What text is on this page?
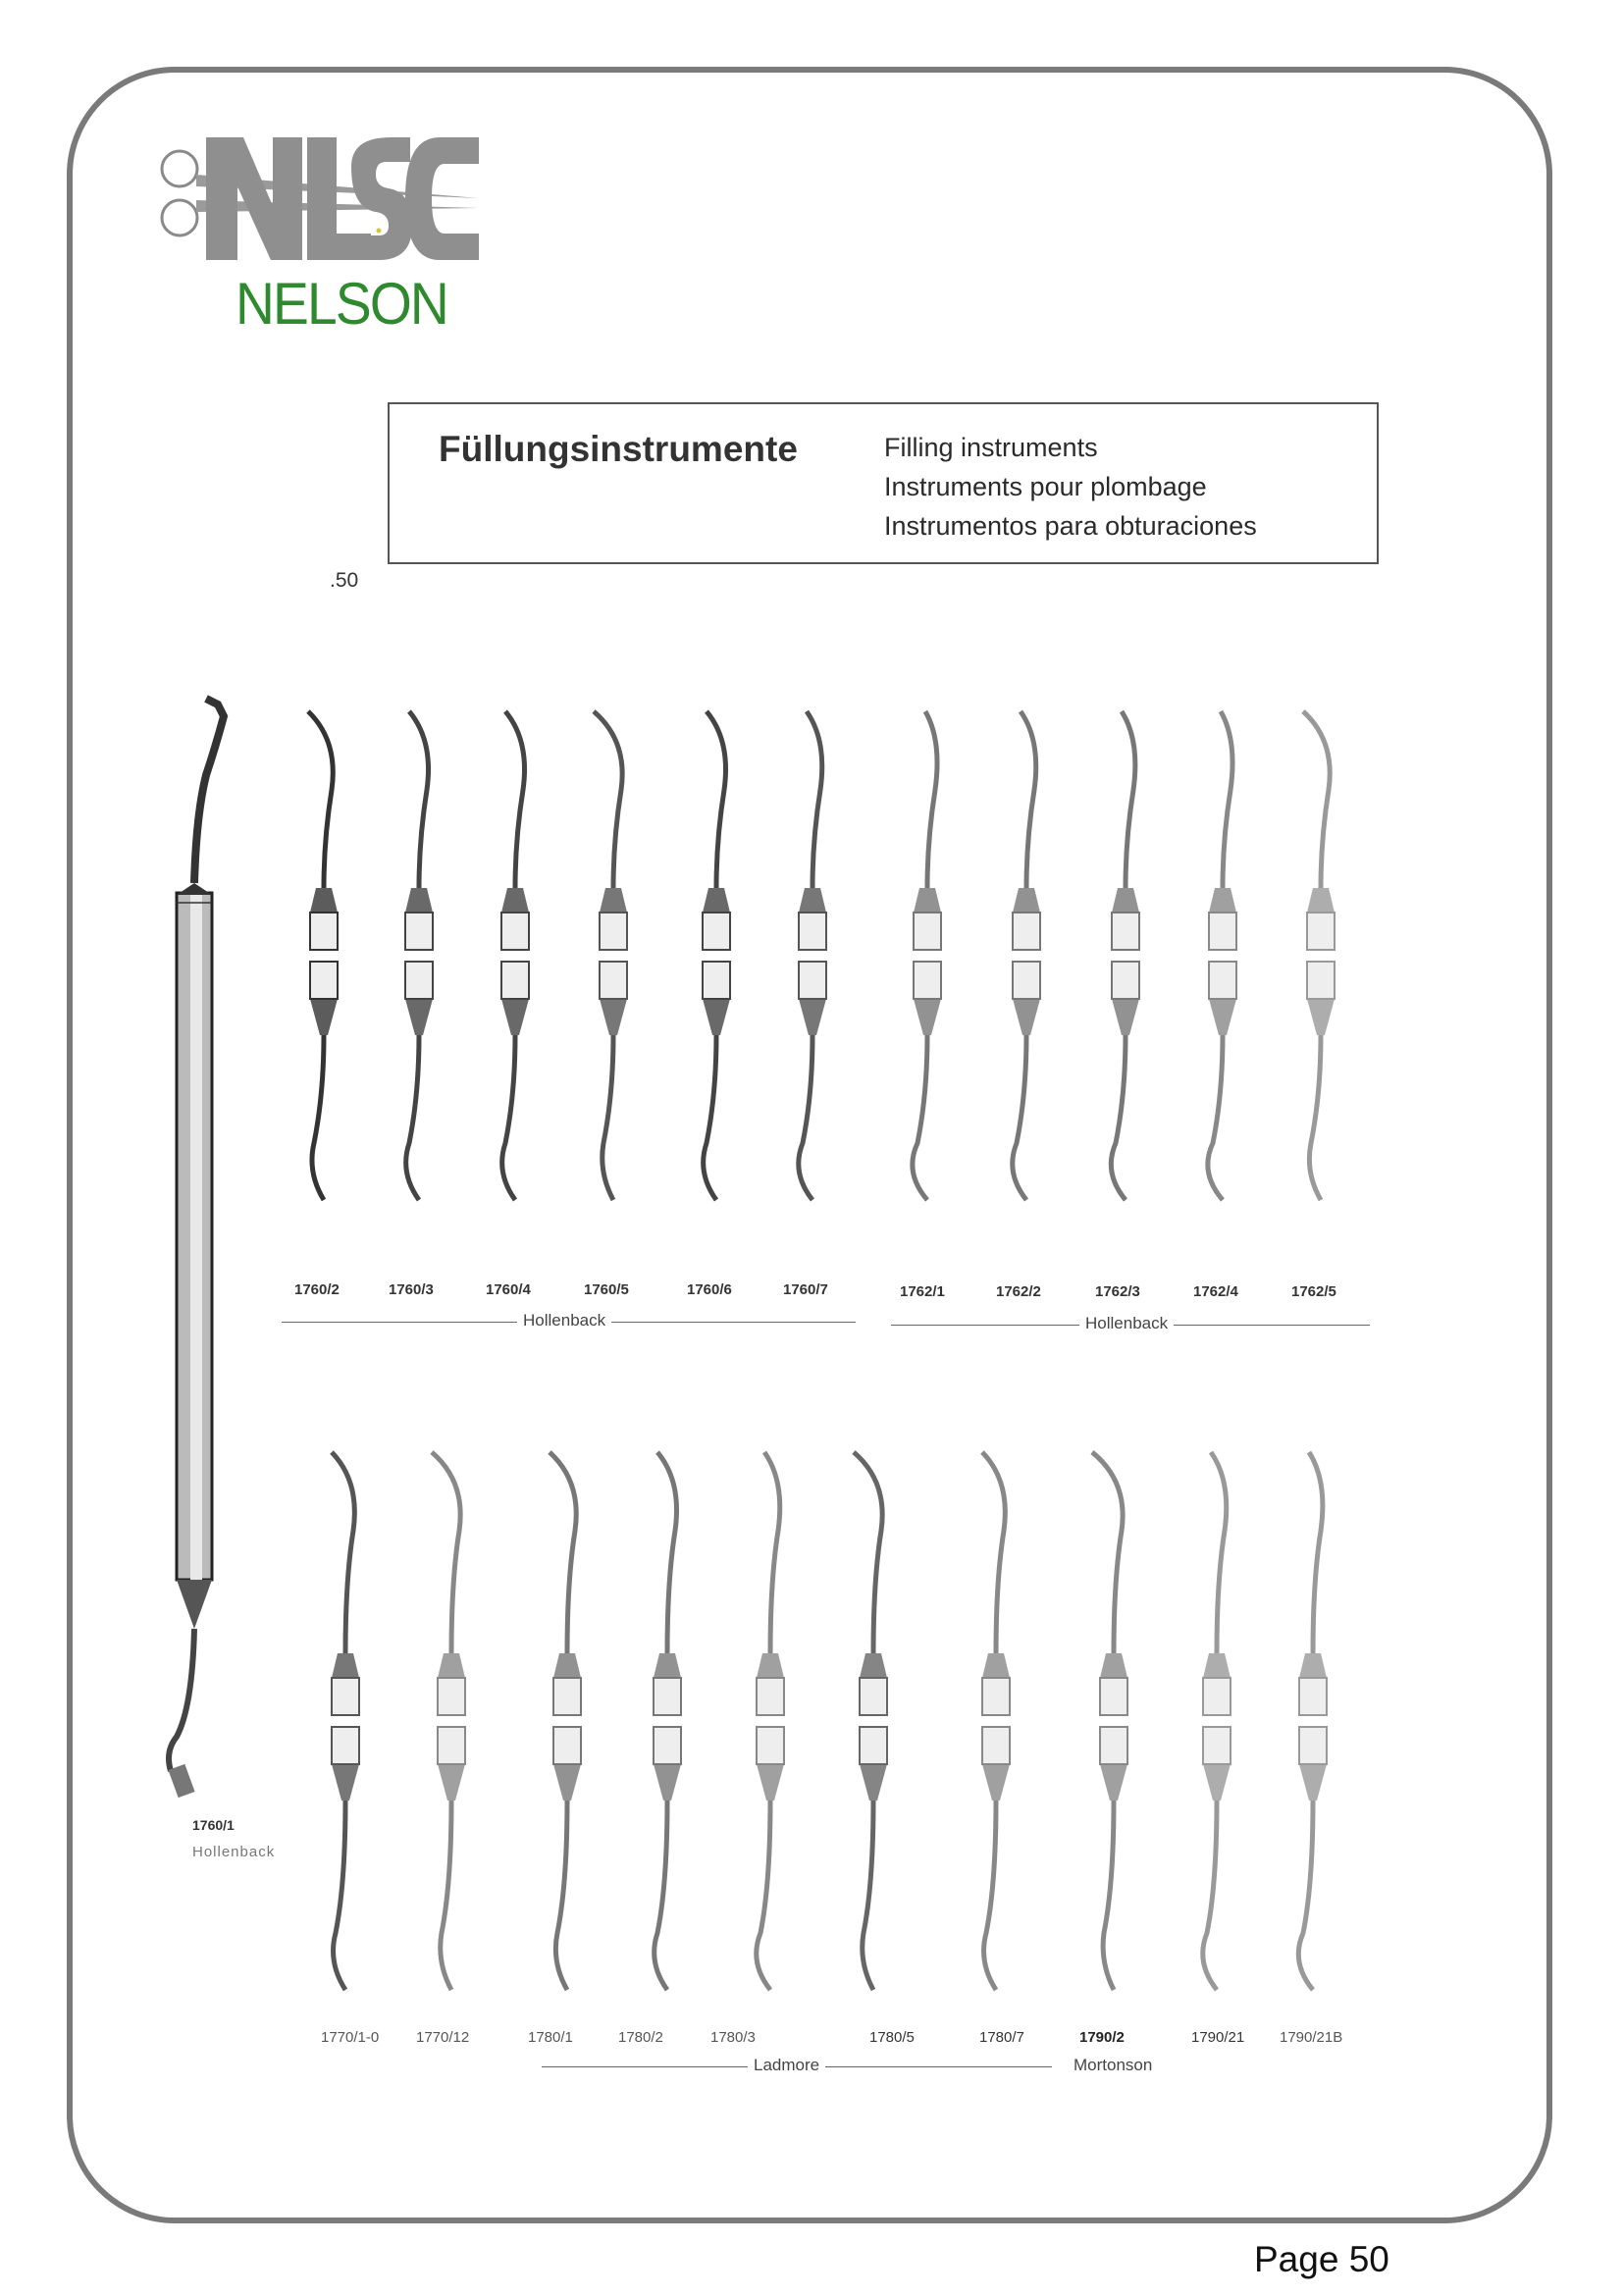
NELSON
Füllungsinstrumente	Filling instruments
Instruments pour plombage
Instrumentos para obturaciones
.50
1760/1
Hollenback
1760/2	1760/3	1760/4	1760/5	1760/6	1760/7	1762/1	1762/2	1762/3	1762/4	1762/5
Hollenback	Hollenback
1770/1-0	1770/12	1780/1	1780/2	1780/3	1780/5	1780/7	1790/2	1790/21 1790/21B
Ladmore	Mortonson
Page 50
